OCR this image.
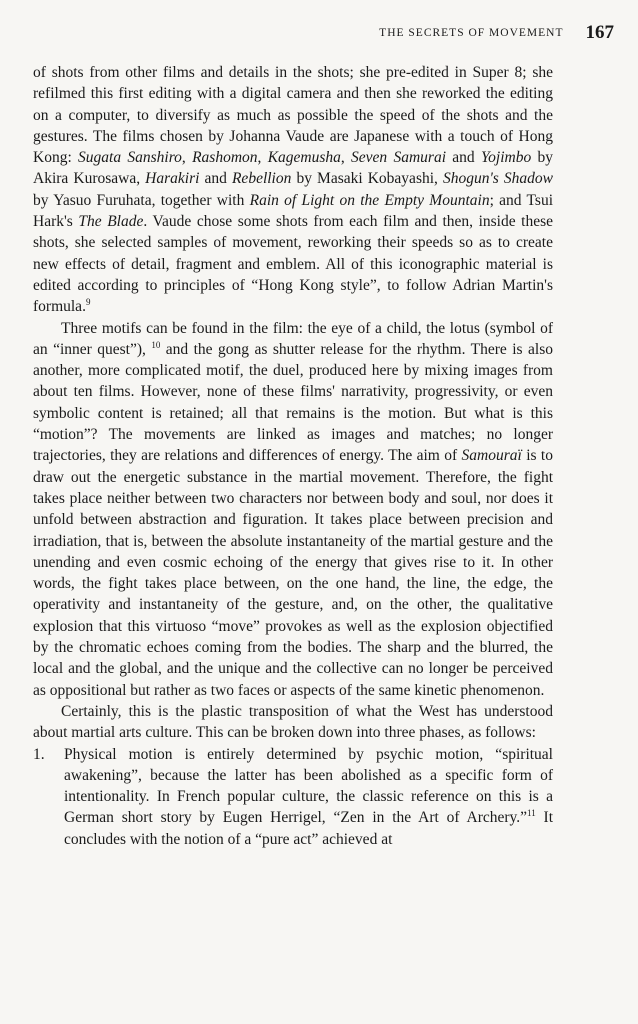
THE SECRETS OF MOVEMENT 167

of shots from other films and details in the shots; she pre-edited in Super 8; she refilmed this first editing with a digital camera and then she reworked the editing on a computer, to diversify as much as possible the speed of the shots and the gestures. The films chosen by Johanna Vaude are Japanese with a touch of Hong Kong: Sugata Sanshiro, Rashomon, Kagemusha, Seven Samurai and Yojimbo by Akira Kurosawa, Harakiri and Rebellion by Masaki Kobayashi, Shogun's Shadow by Yasuo Furuhata, together with Rain of Light on the Empty Mountain; and Tsui Hark's The Blade. Vaude chose some shots from each film and then, inside these shots, she selected samples of movement, reworking their speeds so as to create new effects of detail, fragment and emblem. All of this iconographic material is edited according to principles of “Hong Kong style”, to follow Adrian Martin's formula.$^9$

Three motifs can be found in the film: the eye of a child, the lotus (symbol of an “inner quest”), $^{10}$ and the gong as shutter release for the rhythm. There is also another, more complicated motif, the duel, produced here by mixing images from about ten films. However, none of these films' narrativity, progressivity, or even symbolic content is retained; all that remains is the motion. But what is this “motion”? The movements are linked as images and matches; no longer trajectories, they are relations and differences of energy. The aim of Samouraï is to draw out the energetic substance in the martial movement. Therefore, the fight takes place neither between two characters nor between body and soul, nor does it unfold between abstraction and figuration. It takes place between precision and irradiation, that is, between the absolute instantaneity of the martial gesture and the unending and even cosmic echoing of the energy that gives rise to it. In other words, the fight takes place between, on the one hand, the line, the edge, the operativity and instantaneity of the gesture, and, on the other, the qualitative explosion that this virtuoso “move” provokes as well as the explosion objectified by the chromatic echoes coming from the bodies. The sharp and the blurred, the local and the global, and the unique and the collective can no longer be perceived as oppositional but rather as two faces or aspects of the same kinetic phenomenon.

Certainly, this is the plastic transposition of what the West has understood about martial arts culture. This can be broken down into three phases, as follows:

1. Physical motion is entirely determined by psychic motion, “spiritual awakening”, because the latter has been abolished as a specific form of intentionality. In French popular culture, the classic reference on this is a German short story by Eugen Herrigel, “Zen in the Art of Archery.”$^{11}$ It concludes with the notion of a “pure act” achieved at
